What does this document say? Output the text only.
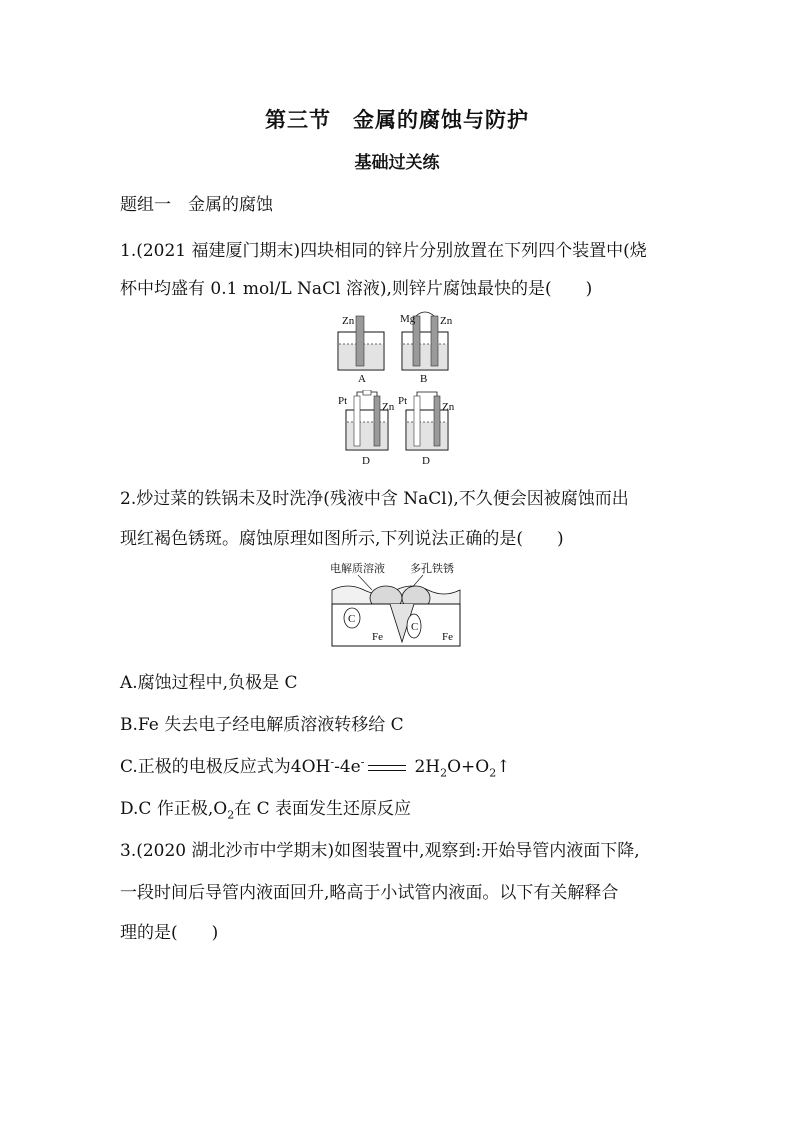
第三节　金属的腐蚀与防护
基础过关练
题组一　金属的腐蚀
1.(2021 福建厦门期末)四块相同的锌片分别放置在下列四个装置中(烧
杯中均盛有 0.1 mol/L NaCl 溶液),则锌片腐蚀最快的是(　　)
Zn
A
Mg Zn
B
Pt	Zn
D
Pt	Zn
D
2.炒过菜的铁锅未及时洗净(残液中含 NaCl),不久便会因被腐蚀而出
现红褐色锈斑。腐蚀原理如图所示,下列说法正确的是(　　)
电解质溶液 多孔铁锈
C
C
Fe	Fe
A.腐蚀过程中,负极是 C
B.Fe 失去电子经电解质溶液转移给 C
C.正极的电极反应式为4OH--4e-	$2H_2O+O_2↑$
D.C 作正极$,O_2$在 C 表面发生还原反应
3.(2020 湖北沙市中学期末)如图装置中,观察到:开始导管内液面下降,
一段时间后导管内液面回升,略高于小试管内液面。以下有关解释合
理的是(　　)
